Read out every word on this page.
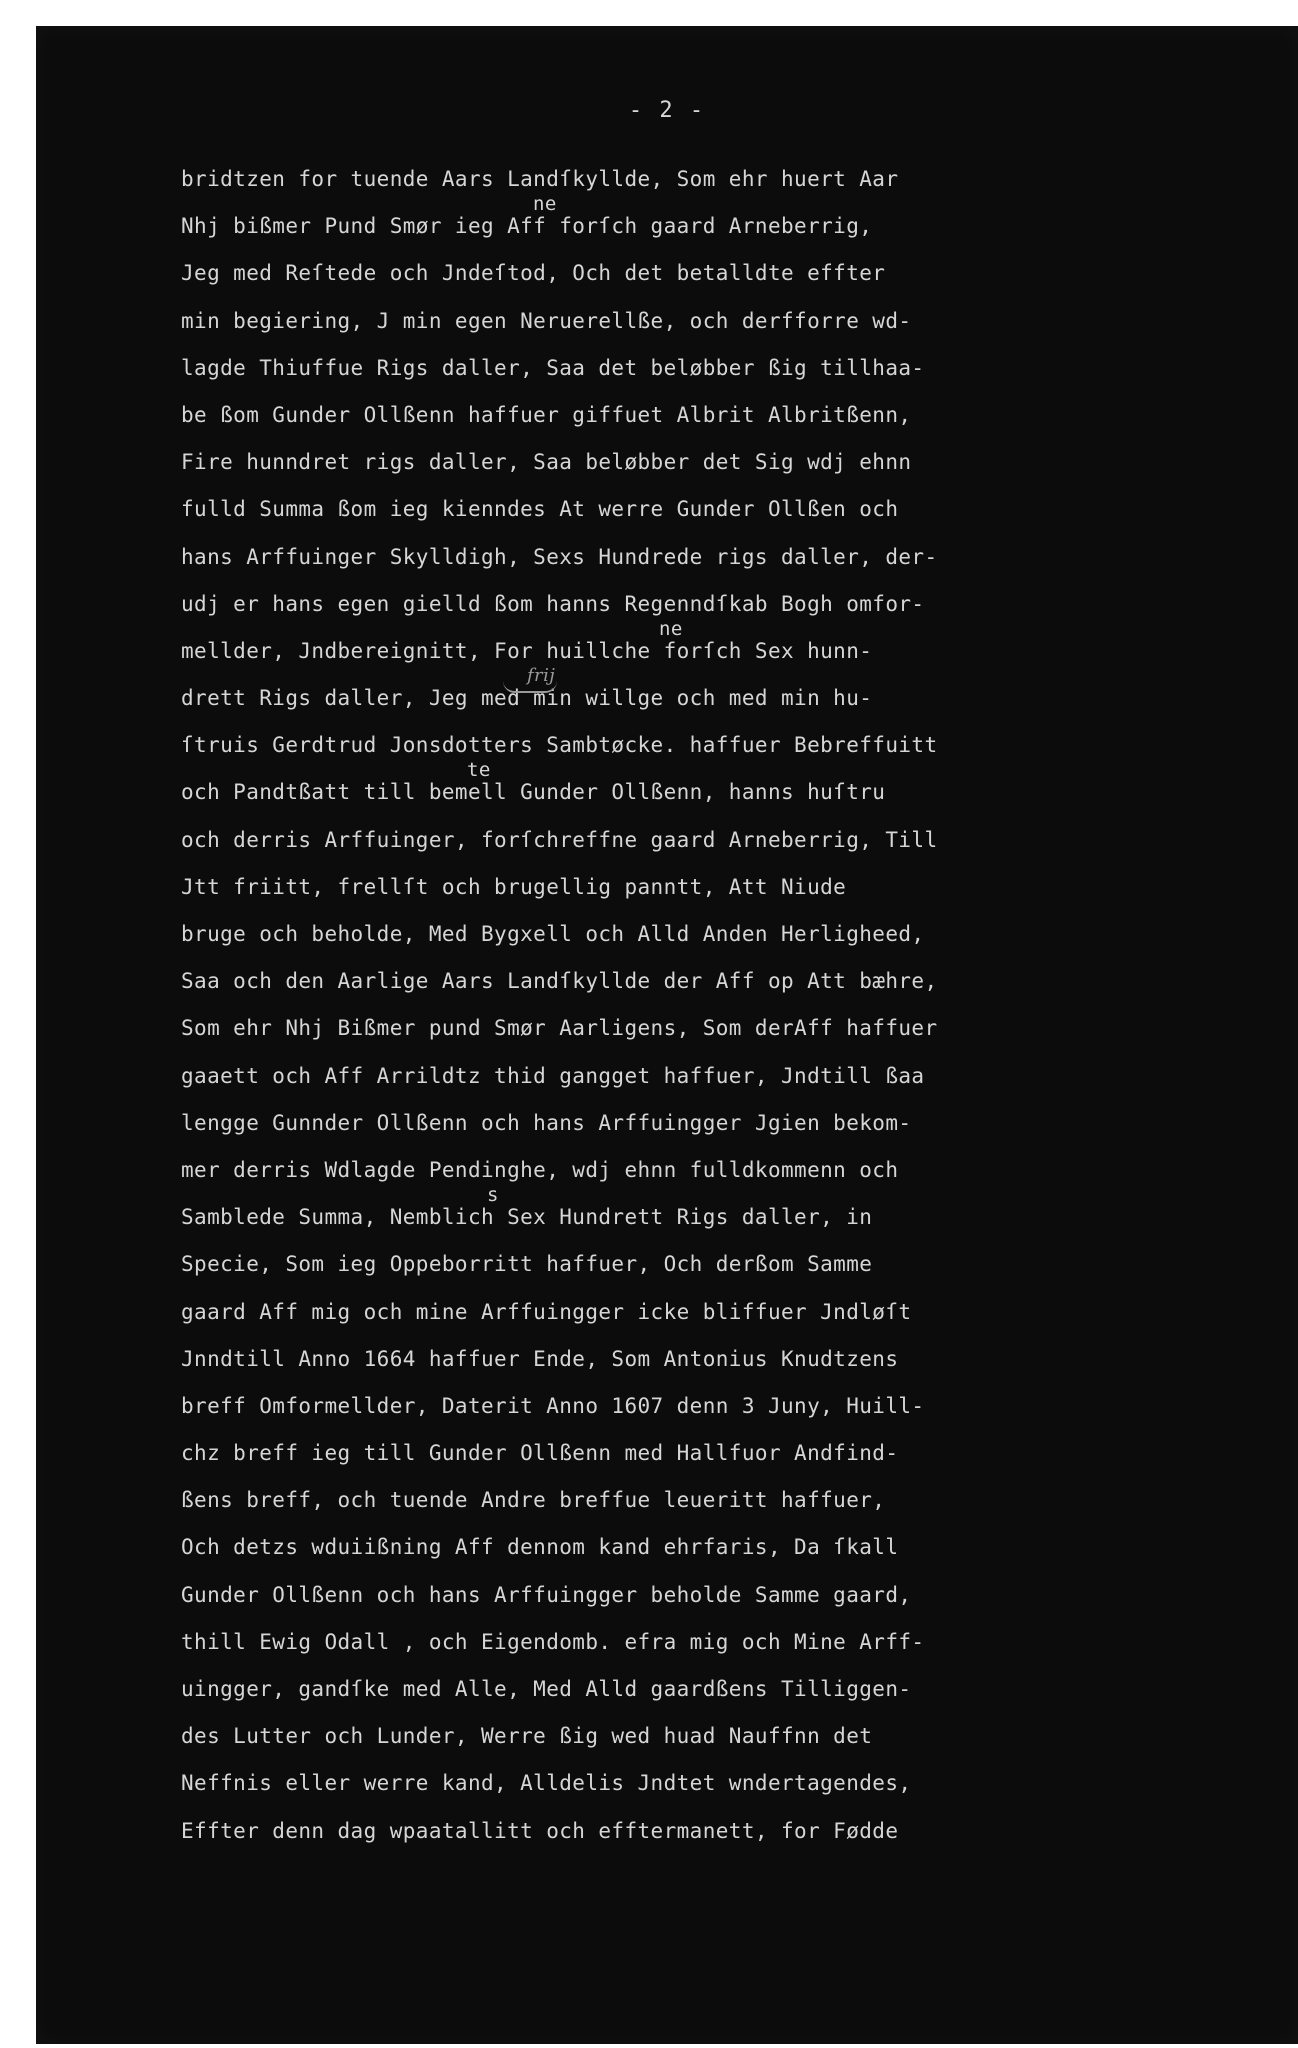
- 2 -
bridtzen for tuende Aars Landſkyllde, Som ehr huert Aar
Nhj bißmer Pund Smør ieg Aff forſch gaard Arneberrig,
ne
Jeg med Reſtede och Jndeſtod, Och det betalldte effter
min begiering, J min egen Neruerellße, och derfforre wd-
lagde Thiuffue Rigs daller, Saa det beløbber ßig tillhaa-
be ßom Gunder Ollßenn haffuer giffuet Albrit Albritßenn,
Fire hunndret rigs daller, Saa beløbber det Sig wdj ehnn
fulld Summa ßom ieg kienndes At werre Gunder Ollßen och
hans Arffuinger Skylldigh, Sexs Hundrede rigs daller, der-
udj er hans egen gielld ßom hanns Regenndſkab Bogh omfor-
mellder, Jndbereignitt, For huillche forſch Sex hunn-
ne
drett Rigs daller, Jeg med min willge och med min hu-
frij
ſtruis Gerdtrud Jonsdotters Sambtøcke. haffuer Bebreffuitt
och Pandtßatt till bemell Gunder Ollßenn, hanns huſtru
te
och derris Arffuinger, forſchreffne gaard Arneberrig, Till
Jtt friitt, frellſt och brugellig panntt, Att Niude
bruge och beholde, Med Bygxell och Alld Anden Herligheed,
Saa och den Aarlige Aars Landſkyllde der Aff op Att bæhre,
Som ehr Nhj Bißmer pund Smør Aarligens, Som derAff haffuer
gaaett och Aff Arrildtz thid gangget haffuer, Jndtill ßaa
lengge Gunnder Ollßenn och hans Arffuingger Jgien bekom-
mer derris Wdlagde Pendinghe, wdj ehnn fulldkommenn och
Samblede Summa, Nemblich Sex Hundrett Rigs daller, in
s
Specie, Som ieg Oppeborritt haffuer, Och derßom Samme
gaard Aff mig och mine Arffuingger icke bliffuer Jndløſt
Jnndtill Anno 1664 haffuer Ende, Som Antonius Knudtzens
breff Omformellder, Daterit Anno 1607 denn 3 Juny, Huill-
chz breff ieg till Gunder Ollßenn med Hallfuor Andfind-
ßens breff, och tuende Andre breffue leueritt haffuer,
Och detzs wduiißning Aff dennom kand ehrfaris, Da ſkall
Gunder Ollßenn och hans Arffuingger beholde Samme gaard,
thill Ewig Odall , och Eigendomb. efra mig och Mine Arff-
uingger, gandſke med Alle, Med Alld gaardßens Tilliggen-
des Lutter och Lunder, Werre ßig wed huad Nauffnn det
Neffnis eller werre kand, Alldelis Jndtet wndertagendes,
Effter denn dag wpaatallitt och efftermanett, for Fødde
